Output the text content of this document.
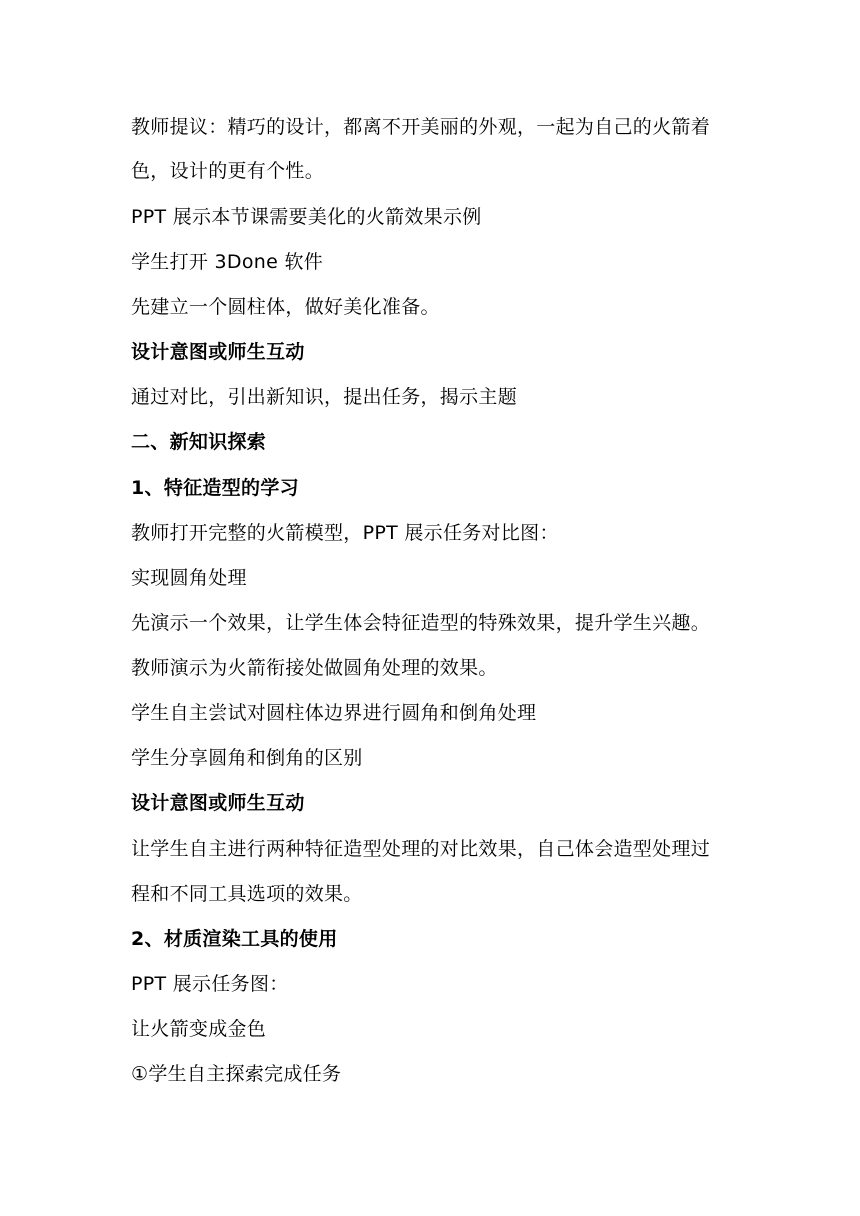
教师提议：精巧的设计，都离不开美丽的外观，一起为自己的火箭着
色，设计的更有个性。
PPT 展示本节课需要美化的火箭效果示例
学生打开 3Done 软件
先建立一个圆柱体，做好美化准备。
设计意图或师生互动
通过对比，引出新知识，提出任务，揭示主题
二、新知识探索
1、特征造型的学习
教师打开完整的火箭模型，PPT 展示任务对比图：
实现圆角处理
先演示一个效果，让学生体会特征造型的特殊效果，提升学生兴趣。
教师演示为火箭衔接处做圆角处理的效果。
学生自主尝试对圆柱体边界进行圆角和倒角处理
学生分享圆角和倒角的区别
设计意图或师生互动
让学生自主进行两种特征造型处理的对比效果，自己体会造型处理过
程和不同工具选项的效果。
2、材质渲染工具的使用
PPT 展示任务图：
让火箭变成金色
①学生自主探索完成任务
